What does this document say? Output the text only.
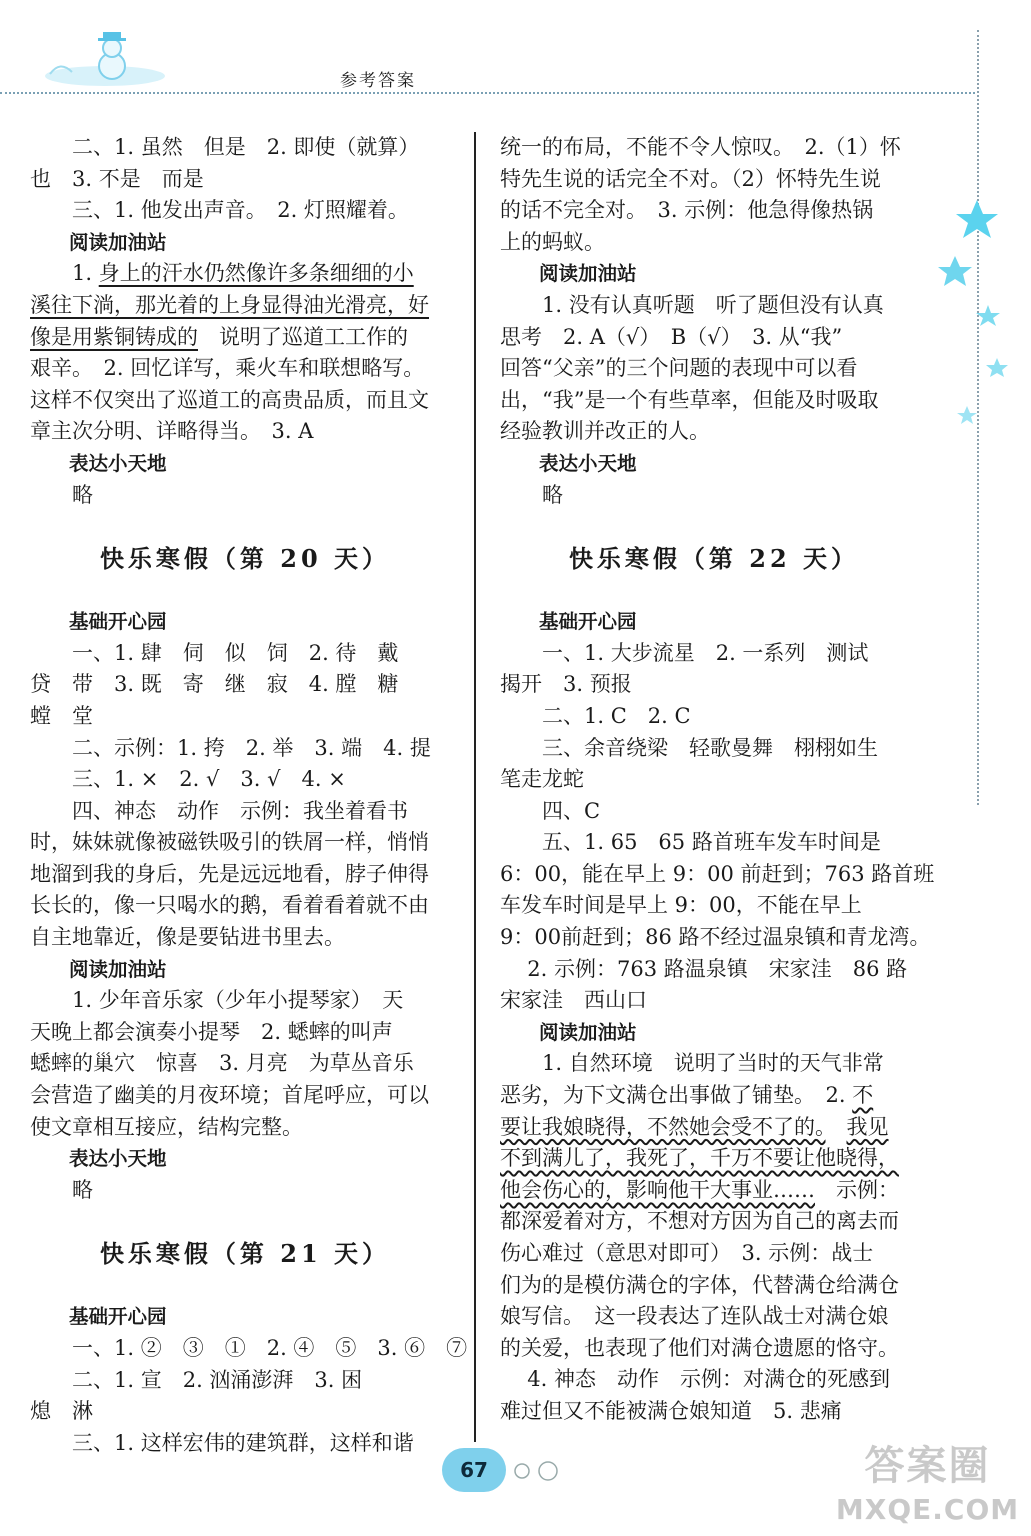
参考答案
二、1. 虽然　但是　2. 即使（就算）
也　3. 不是　而是
三、1. 他发出声音。　2. 灯照耀着。
阅读加油站
1. 身上的汗水仍然像许多条细细的小
溪往下淌，那光着的上身显得油光滑亮，好
像是用紫铜铸成的　说明了巡道工工作的
艰辛。　2. 回忆详写，乘火车和联想略写。
这样不仅突出了巡道工的高贵品质，而且文
章主次分明、详略得当。　3. A
表达小天地
略
快乐寒假（第 20 天）
基础开心园
一、1. 肆　伺　似　饲　2. 待　戴
贷　带　3. 既　寄　继　寂　4. 膛　糖
螳　堂
二、示例：1. 挎　2. 举　3. 端　4. 提
三、1. ×　2. √　3. √　4. ×
四、神态　动作　示例：我坐着看书
时，妹妹就像被磁铁吸引的铁屑一样，悄悄
地溜到我的身后，先是远远地看，脖子伸得
长长的，像一只喝水的鹅，看着看着就不由
自主地靠近，像是要钻进书里去。
阅读加油站
1. 少年音乐家（少年小提琴家）　天
天晚上都会演奏小提琴　2. 蟋蟀的叫声
蟋蟀的巢穴　惊喜　3. 月亮　为草丛音乐
会营造了幽美的月夜环境；首尾呼应，可以
使文章相互接应，结构完整。
表达小天地
略
快乐寒假（第 21 天）
基础开心园
一、1. ②　③　①　2. ④　⑤　3. ⑥　⑦
二、1. 宣　2. 汹涌澎湃　3. 困
熄　淋
三、1. 这样宏伟的建筑群，这样和谐
统一的布局，不能不令人惊叹。　2.（1）怀
特先生说的话完全不对。（2）怀特先生说
的话不完全对。　3. 示例：他急得像热锅
上的蚂蚁。
阅读加油站
1. 没有认真听题　听了题但没有认真
思考　2. A（√）　B（√）　3. 从“我”
回答“父亲”的三个问题的表现中可以看
出，“我”是一个有些草率，但能及时吸取
经验教训并改正的人。
表达小天地
略
快乐寒假（第 22 天）
基础开心园
一、1. 大步流星　2. 一系列　测试
揭开　3. 预报
二、1. C　2. C
三、余音绕梁　轻歌曼舞　栩栩如生
笔走龙蛇
四、C
五、1. 65　65 路首班车发车时间是
6：00，能在早上 9：00 前赶到；763 路首班
车发车时间是早上 9：00，不能在早上
9：00前赶到；86 路不经过温泉镇和青龙湾。
2. 示例：763 路温泉镇　宋家洼　86 路
宋家洼　西山口
阅读加油站
1. 自然环境　说明了当时的天气非常
恶劣，为下文满仓出事做了铺垫。　2. 不
要让我娘晓得，不然她会受不了的。　 我见
不到满儿了，我死了，千万不要让他晓得，
他会伤心的，影响他干大事业……　示例：
都深爱着对方，不想对方因为自己的离去而
伤心难过（意思对即可）　3. 示例：战士
们为的是模仿满仓的字体，代替满仓给满仓
娘写信。　这一段表达了连队战士对满仓娘
的关爱，也表现了他们对满仓遗愿的恪守。
4. 神态　动作　示例：对满仓的死感到
难过但又不能被满仓娘知道　5. 悲痛
67	答案圈
MXQE.COM
